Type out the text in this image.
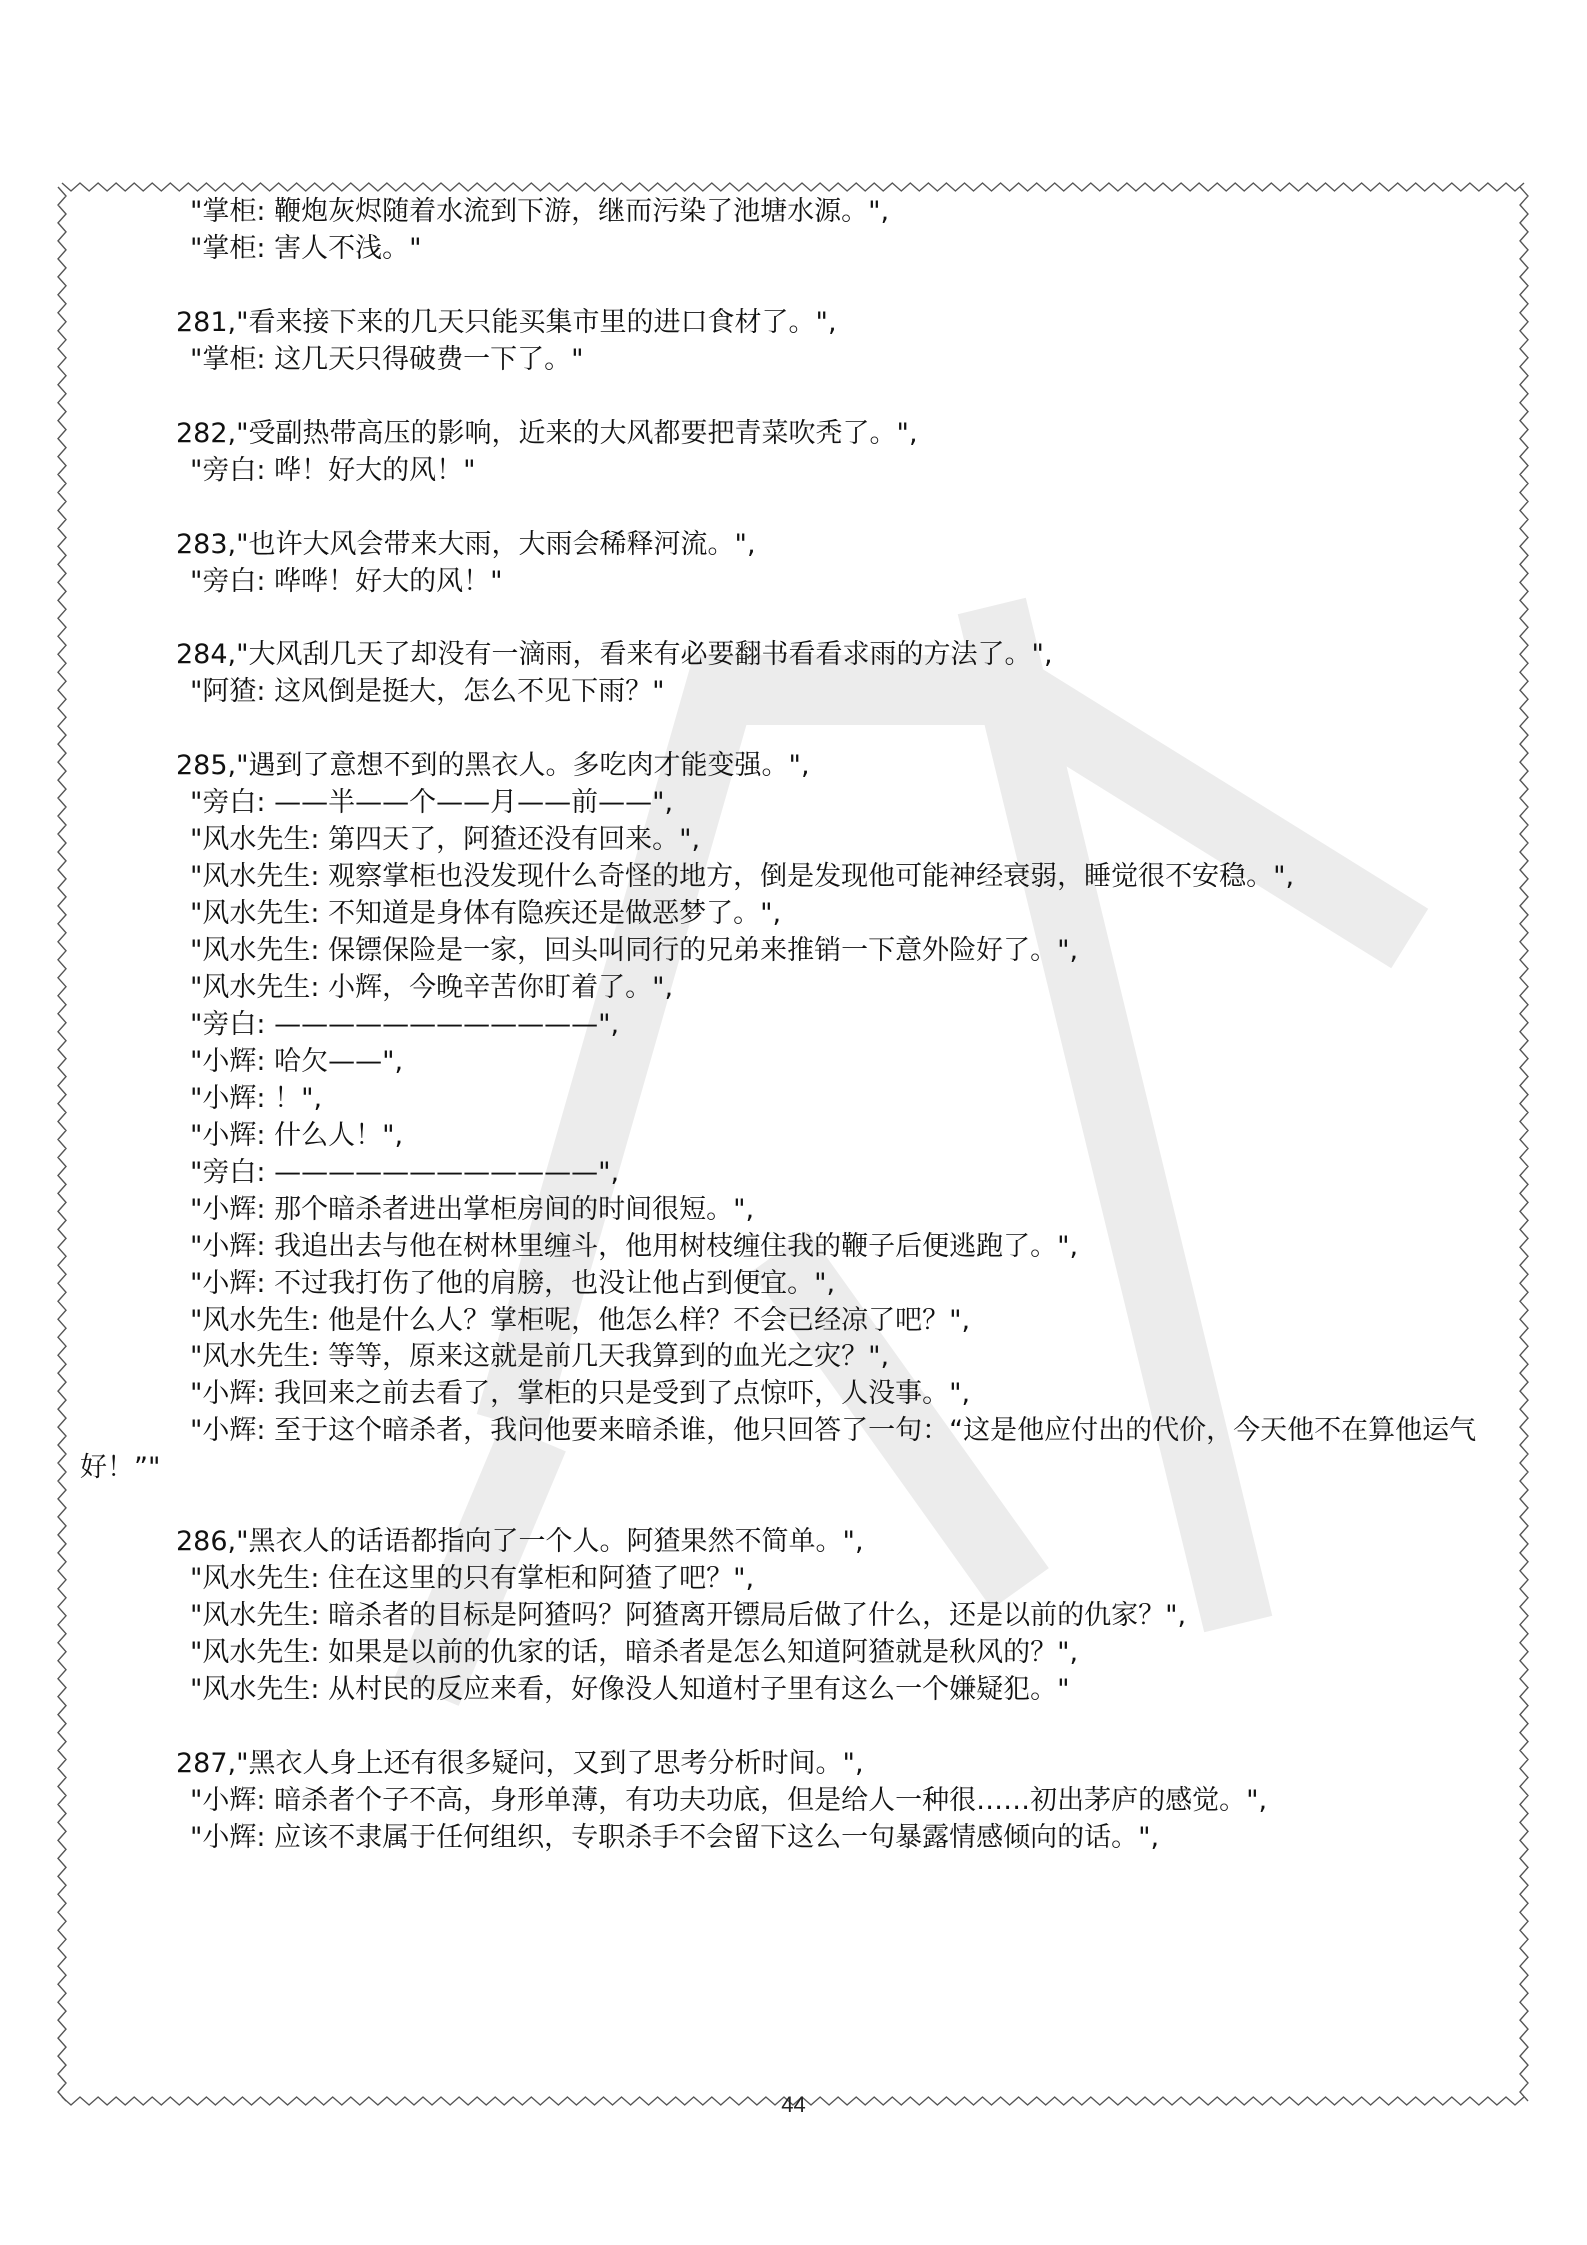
"掌柜: 鞭炮灰烬随着水流到下游，继而污染了池塘水源。",
"掌柜: 害人不浅。"
281,"看来接下来的几天只能买集市里的进口食材了。",
"掌柜: 这几天只得破费一下了。"
282,"受副热带高压的影响，近来的大风都要把青菜吹秃了。",
"旁白: 哗！好大的风！"
283,"也许大风会带来大雨，大雨会稀释河流。",
"旁白: 哗哗！好大的风！"
284,"大风刮几天了却没有一滴雨，看来有必要翻书看看求雨的方法了。",
"阿猹: 这风倒是挺大，怎么不见下雨？"
285,"遇到了意想不到的黑衣人。多吃肉才能变强。",
"旁白: ——半——个——月——前——",
"风水先生: 第四天了，阿猹还没有回来。",
"风水先生: 观察掌柜也没发现什么奇怪的地方，倒是发现他可能神经衰弱，睡觉很不安稳。",
"风水先生: 不知道是身体有隐疾还是做恶梦了。",
"风水先生: 保镖保险是一家，回头叫同行的兄弟来推销一下意外险好了。",
"风水先生: 小辉，今晚辛苦你盯着了。",
"旁白: ————————————",
"小辉: 哈欠——",
"小辉: ！",
"小辉: 什么人！",
"旁白: ————————————",
"小辉: 那个暗杀者进出掌柜房间的时间很短。",
"小辉: 我追出去与他在树林里缠斗，他用树枝缠住我的鞭子后便逃跑了。",
"小辉: 不过我打伤了他的肩膀，也没让他占到便宜。",
"风水先生: 他是什么人？掌柜呢，他怎么样？不会已经凉了吧？",
"风水先生: 等等，原来这就是前几天我算到的血光之灾？",
"小辉: 我回来之前去看了，掌柜的只是受到了点惊吓，人没事。",
"小辉: 至于这个暗杀者，我问他要来暗杀谁，他只回答了一句：“这是他应付出的代价，今天他不在算他运气
好！”"
286,"黑衣人的话语都指向了一个人。阿猹果然不简单。",
"风水先生: 住在这里的只有掌柜和阿猹了吧？",
"风水先生: 暗杀者的目标是阿猹吗？阿猹离开镖局后做了什么，还是以前的仇家？",
"风水先生: 如果是以前的仇家的话，暗杀者是怎么知道阿猹就是秋风的？",
"风水先生: 从村民的反应来看，好像没人知道村子里有这么一个嫌疑犯。"
287,"黑衣人身上还有很多疑问，又到了思考分析时间。",
"小辉: 暗杀者个子不高，身形单薄，有功夫功底，但是给人一种很……初出茅庐的感觉。",
"小辉: 应该不隶属于任何组织，专职杀手不会留下这么一句暴露情感倾向的话。",
44
